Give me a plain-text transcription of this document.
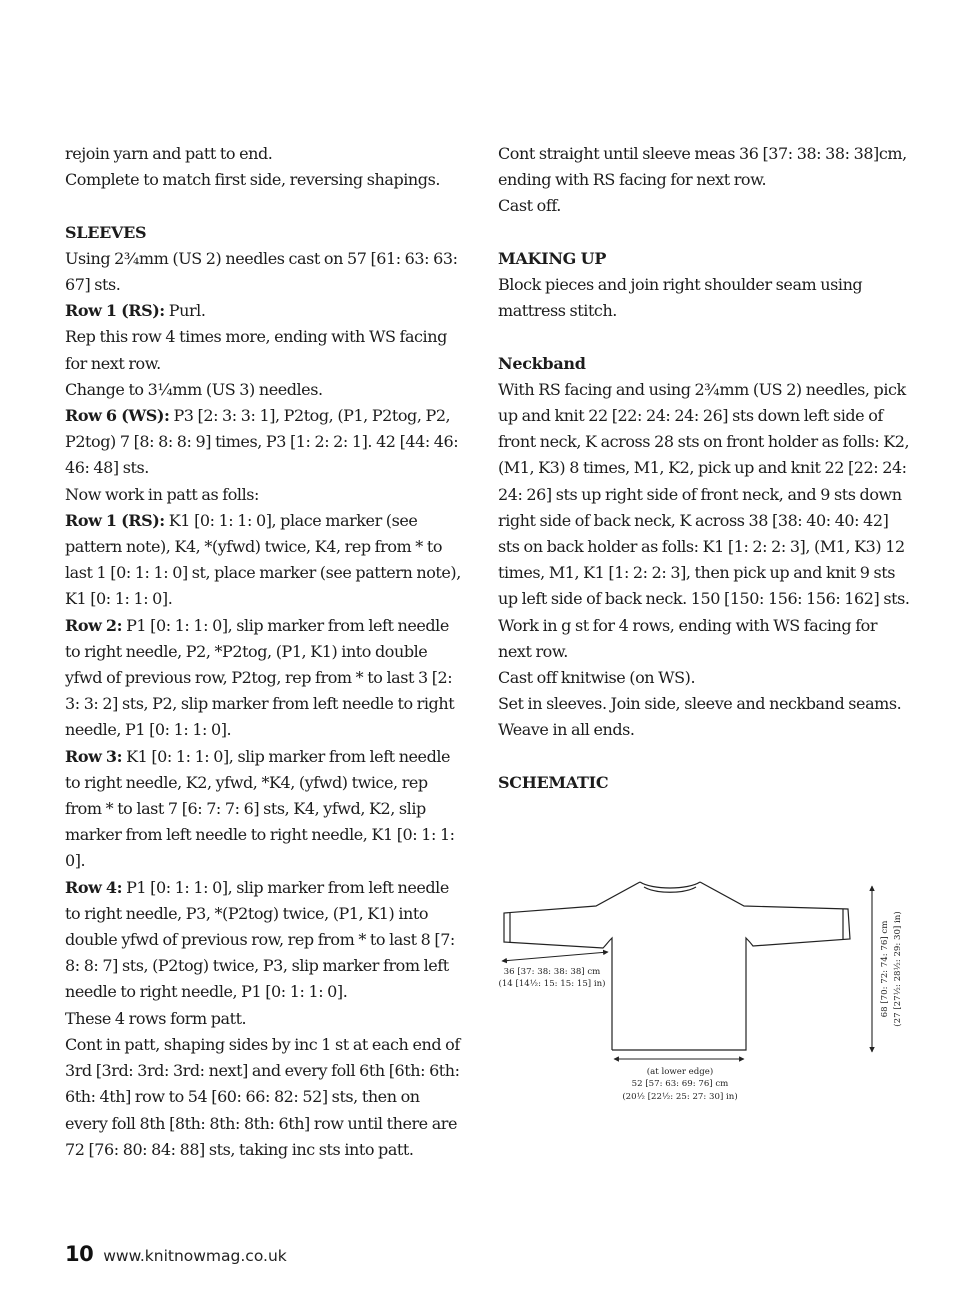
rejoin yarn and patt to end.

Complete to match first side, reversing shapings.

SLEEVES

Using 2¾mm (US 2) needles cast on 57 [61: 63: 63: 67] sts.

Row 1 (RS): Purl.

Rep this row 4 times more, ending with WS facing for next row.

Change to 3¼mm (US 3) needles.

Row 6 (WS): P3 [2: 3: 3: 1], P2tog, (P1, P2tog, P2, P2tog) 7 [8: 8: 8: 9] times, P3 [1: 2: 2: 1]. 42 [44: 46: 46: 48] sts.

Now work in patt as folls:

Row 1 (RS): K1 [0: 1: 1: 0], place marker (see pattern note), K4, *(yfwd) twice, K4, rep from * to last 1 [0: 1: 1: 0] st, place marker (see pattern note), K1 [0: 1: 1: 0].

Row 2: P1 [0: 1: 1: 0], slip marker from left needle to right needle, P2, *P2tog, (P1, K1) into double yfwd of previous row, P2tog, rep from * to last 3 [2: 3: 3: 2] sts, P2, slip marker from left needle to right needle, P1 [0: 1: 1: 0].

Row 3: K1 [0: 1: 1: 0], slip marker from left needle to right needle, K2, yfwd, *K4, (yfwd) twice, rep from * to last 7 [6: 7: 7: 6] sts, K4, yfwd, K2, slip marker from left needle to right needle, K1 [0: 1: 1: 0].

Row 4: P1 [0: 1: 1: 0], slip marker from left needle to right needle, P3, *(P2tog) twice, (P1, K1) into double yfwd of previous row, rep from * to last 8 [7: 8: 8: 7] sts, (P2tog) twice, P3, slip marker from left needle to right needle, P1 [0: 1: 1: 0].

These 4 rows form patt.

Cont in patt, shaping sides by inc 1 st at each end of 3rd [3rd: 3rd: 3rd: next] and every foll 6th [6th: 6th: 6th: 4th] row to 54 [60: 66: 82: 52] sts, then on every foll 8th [8th: 8th: 8th: 6th] row until there are 72 [76: 80: 84: 88] sts, taking inc sts into patt.

Cont straight until sleeve meas 36 [37: 38: 38: 38]cm, ending with RS facing for next row.

Cast off.

MAKING UP

Block pieces and join right shoulder seam using mattress stitch.

Neckband

With RS facing and using 2¾mm (US 2) needles, pick up and knit 22 [22: 24: 24: 26] sts down left side of front neck, K across 28 sts on front holder as folls: K2, (M1, K3) 8 times, M1, K2, pick up and knit 22 [22: 24: 24: 26] sts up right side of front neck, and 9 sts down right side of back neck, K across 38 [38: 40: 40: 42] sts on back holder as folls: K1 [1: 2: 2: 3], (M1, K3) 12 times, M1, K1 [1: 2: 2: 3], then pick up and knit 9 sts up left side of back neck. 150 [150: 156: 156: 162] sts.

Work in g st for 4 rows, ending with WS facing for next row.

Cast off knitwise (on WS).

Set in sleeves. Join side, sleeve and neckband seams. Weave in all ends.

SCHEMATIC

36 [37: 38: 38: 38] cm
(14 [14½: 15: 15: 15] in)	68 [70: 72: 74: 76] cm (27 [27½: 28½: 29: 30] in)
(at lower edge)
52 [57: 63: 69: 76] cm
(20½ [22½: 25: 27: 30] in)
10 www.knitnowmag.co.uk
